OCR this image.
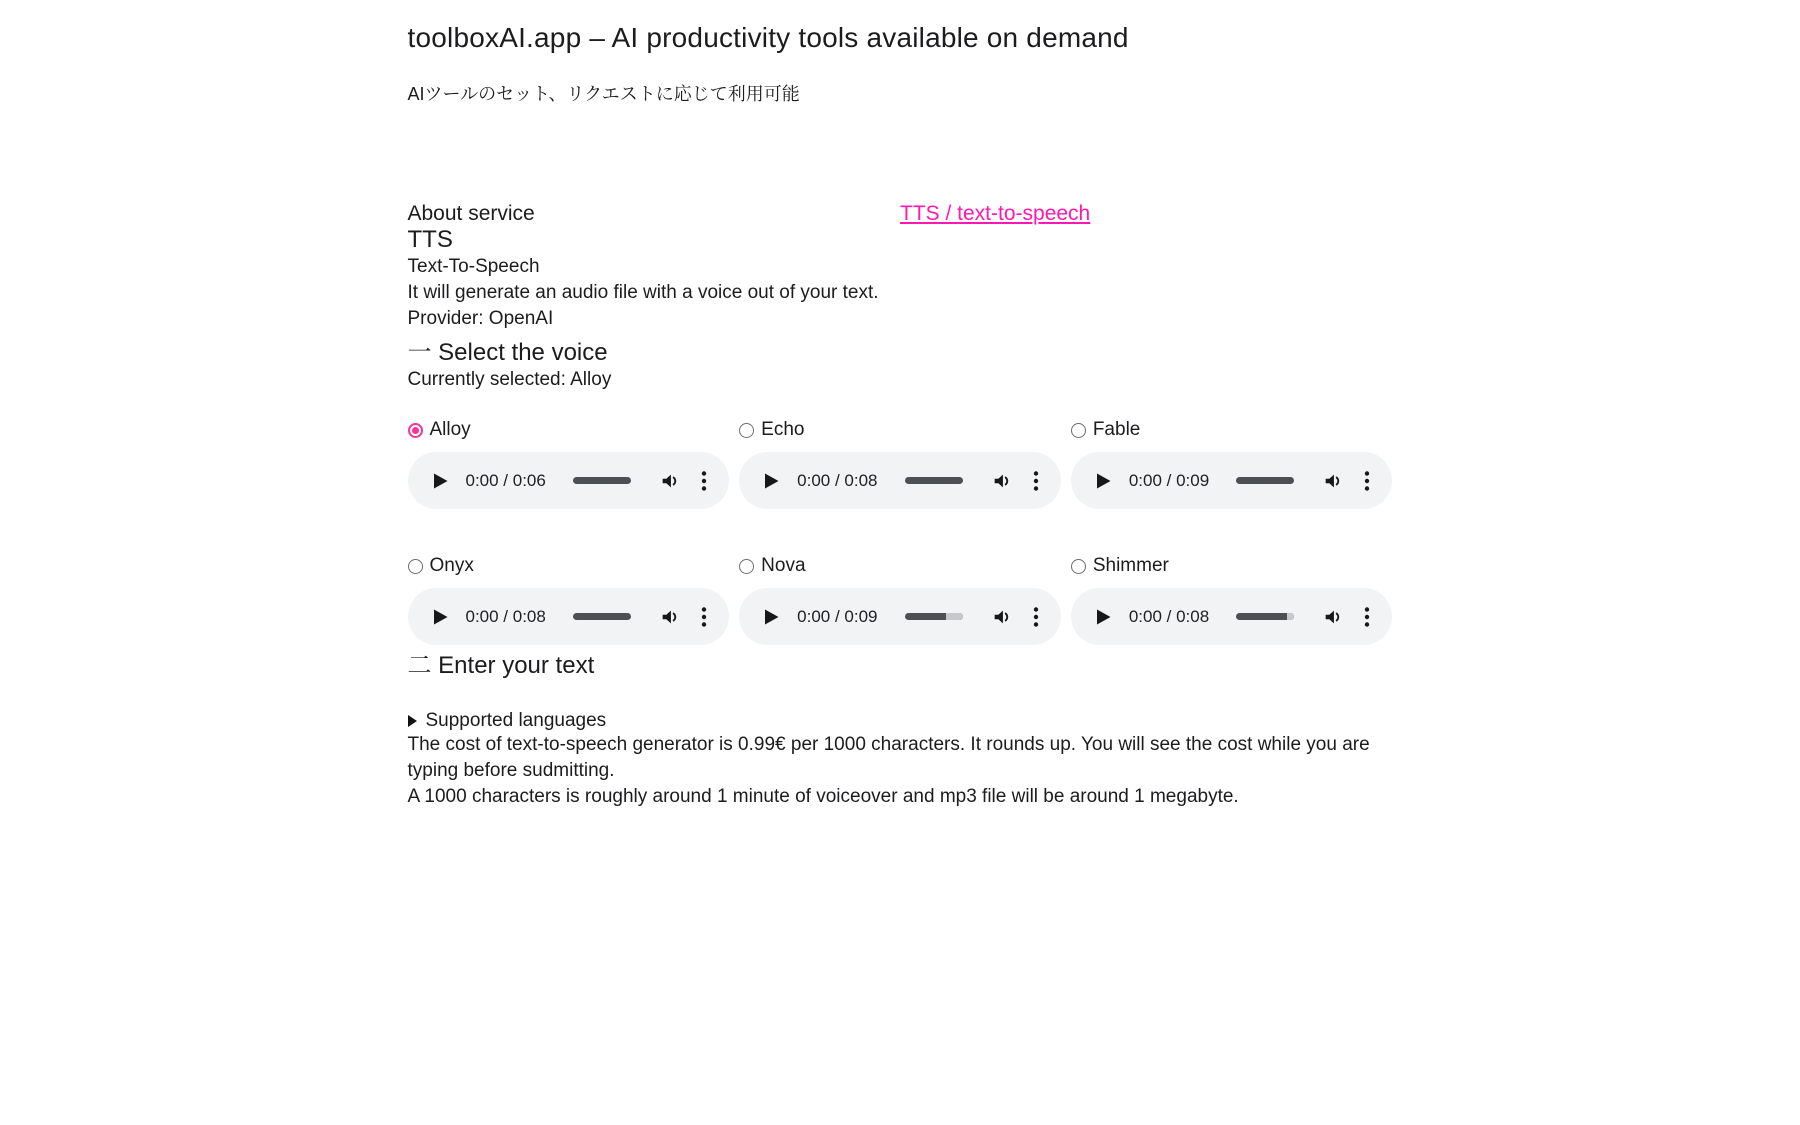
toolboxAI.app – AI productivity tools available on demand

AIツールのセット、リクエストに応じて利用可能

About service	TTS / text-to-speech
TTS

Text-To-Speech

It will generate an audio file with a voice out of your text.

Provider: OpenAI

一 Select the voice

Currently selected: Alloy

Alloy
0:00 / 0:06
Echo
0:00 / 0:08
Fable
0:00 / 0:09
Onyx
0:00 / 0:08
Nova
0:00 / 0:09
Shimmer
0:00 / 0:08
二 Enter your text
Supported languages

The cost of text-to-speech generator is 0.99€ per 1000 characters. It rounds up. You will see the cost while you are typing before sudmitting.

A 1000 characters is roughly around 1 minute of voiceover and mp3 file will be around 1 megabyte.
